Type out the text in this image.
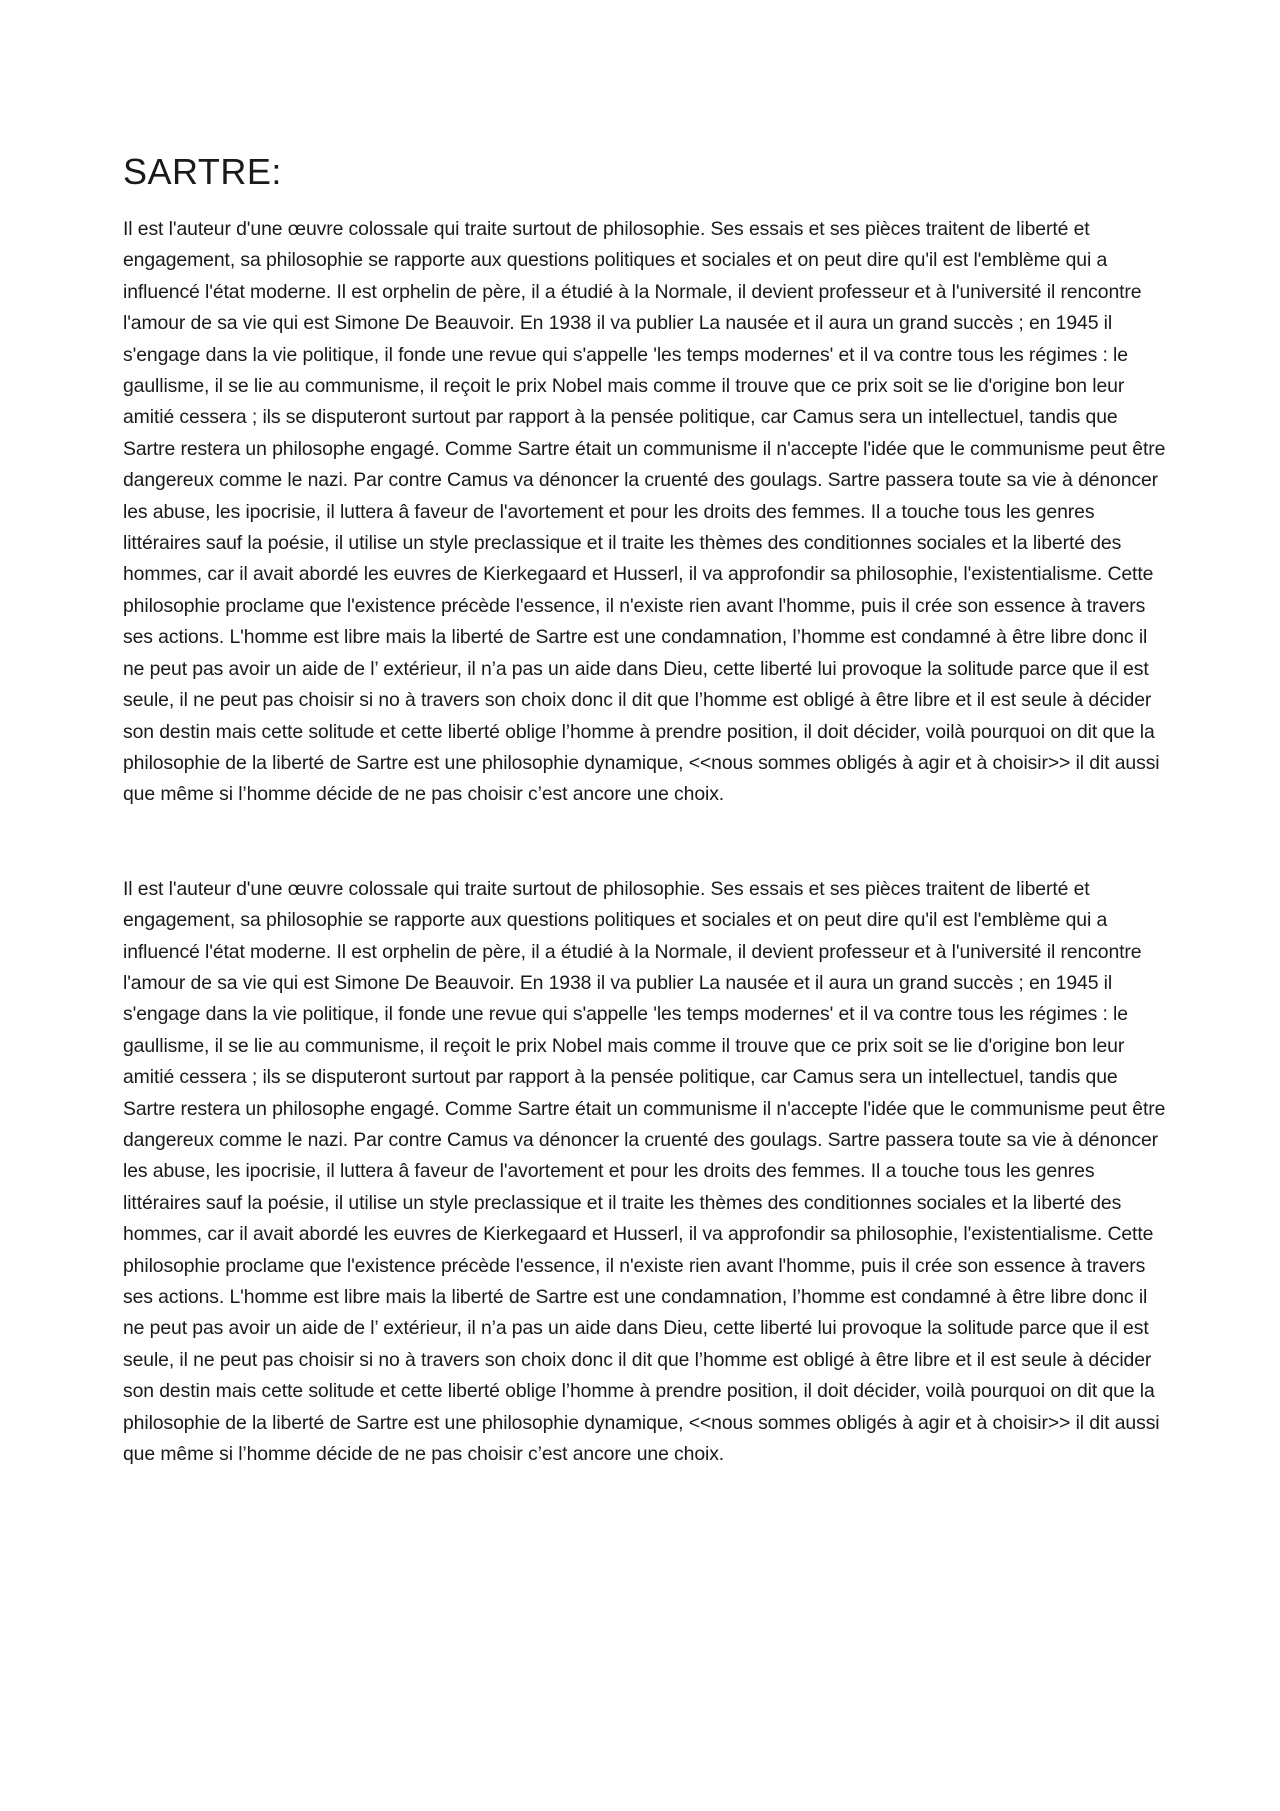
SARTRE:

Il est l'auteur d'une œuvre colossale qui traite surtout de philosophie. Ses essais et ses pièces traitent de liberté et engagement, sa philosophie se rapporte aux questions politiques et sociales et on peut dire qu'il est l'emblème qui a influencé l'état moderne. Il est orphelin de père, il a étudié à la Normale, il devient professeur et à l'université il rencontre l'amour de sa vie qui est Simone De Beauvoir. En 1938 il va publier La nausée et il aura un grand succès ; en 1945 il s'engage dans la vie politique, il fonde une revue qui s'appelle 'les temps modernes' et il va contre tous les régimes : le gaullisme, il se lie au communisme, il reçoit le prix Nobel mais comme il trouve que ce prix soit se lie d'origine bon leur amitié cessera ; ils se disputeront surtout par rapport à la pensée politique, car Camus sera un intellectuel, tandis que Sartre restera un philosophe engagé. Comme Sartre était un communisme il n'accepte l'idée que le communisme peut être dangereux comme le nazi. Par contre Camus va dénoncer la cruenté des goulags. Sartre passera toute sa vie à dénoncer les abuse, les ipocrisie, il luttera â faveur de l'avortement et pour les droits des femmes. Il a touche tous les genres littéraires sauf la poésie, il utilise un style preclassique et il traite les thèmes des conditionnes sociales et la liberté des hommes, car il avait abordé les euvres de Kierkegaard et Husserl, il va approfondir sa philosophie, l'existentialisme. Cette philosophie proclame que l'existence précède l'essence, il n'existe rien avant l'homme, puis il crée son essence à travers ses actions. L'homme est libre mais la liberté de Sartre est une condamnation, l’homme est condamné à être libre donc il ne peut pas avoir un aide de l’ extérieur, il n’a pas un aide dans Dieu, cette liberté lui provoque la solitude parce que il est seule, il ne peut pas choisir si no à travers son choix donc il dit que l’homme est obligé à être libre et il est seule à décider son destin mais cette solitude et cette liberté oblige l’homme à prendre position, il doit décider, voilà pourquoi on dit que la philosophie de la liberté de Sartre est une philosophie dynamique, <<nous sommes obligés à agir et à choisir>> il dit aussi que même si l’homme décide de ne pas choisir c’est ancore une choix.

Il est l'auteur d'une œuvre colossale qui traite surtout de philosophie. Ses essais et ses pièces traitent de liberté et engagement, sa philosophie se rapporte aux questions politiques et sociales et on peut dire qu'il est l'emblème qui a influencé l'état moderne. Il est orphelin de père, il a étudié à la Normale, il devient professeur et à l'université il rencontre l'amour de sa vie qui est Simone De Beauvoir. En 1938 il va publier La nausée et il aura un grand succès ; en 1945 il s'engage dans la vie politique, il fonde une revue qui s'appelle 'les temps modernes' et il va contre tous les régimes : le gaullisme, il se lie au communisme, il reçoit le prix Nobel mais comme il trouve que ce prix soit se lie d'origine bon leur amitié cessera ; ils se disputeront surtout par rapport à la pensée politique, car Camus sera un intellectuel, tandis que Sartre restera un philosophe engagé. Comme Sartre était un communisme il n'accepte l'idée que le communisme peut être dangereux comme le nazi. Par contre Camus va dénoncer la cruenté des goulags. Sartre passera toute sa vie à dénoncer les abuse, les ipocrisie, il luttera â faveur de l'avortement et pour les droits des femmes. Il a touche tous les genres littéraires sauf la poésie, il utilise un style preclassique et il traite les thèmes des conditionnes sociales et la liberté des hommes, car il avait abordé les euvres de Kierkegaard et Husserl, il va approfondir sa philosophie, l'existentialisme. Cette philosophie proclame que l'existence précède l'essence, il n'existe rien avant l'homme, puis il crée son essence à travers ses actions. L'homme est libre mais la liberté de Sartre est une condamnation, l’homme est condamné à être libre donc il ne peut pas avoir un aide de l’ extérieur, il n’a pas un aide dans Dieu, cette liberté lui provoque la solitude parce que il est seule, il ne peut pas choisir si no à travers son choix donc il dit que l’homme est obligé à être libre et il est seule à décider son destin mais cette solitude et cette liberté oblige l’homme à prendre position, il doit décider, voilà pourquoi on dit que la philosophie de la liberté de Sartre est une philosophie dynamique, <<nous sommes obligés à agir et à choisir>> il dit aussi que même si l’homme décide de ne pas choisir c’est ancore une choix.
